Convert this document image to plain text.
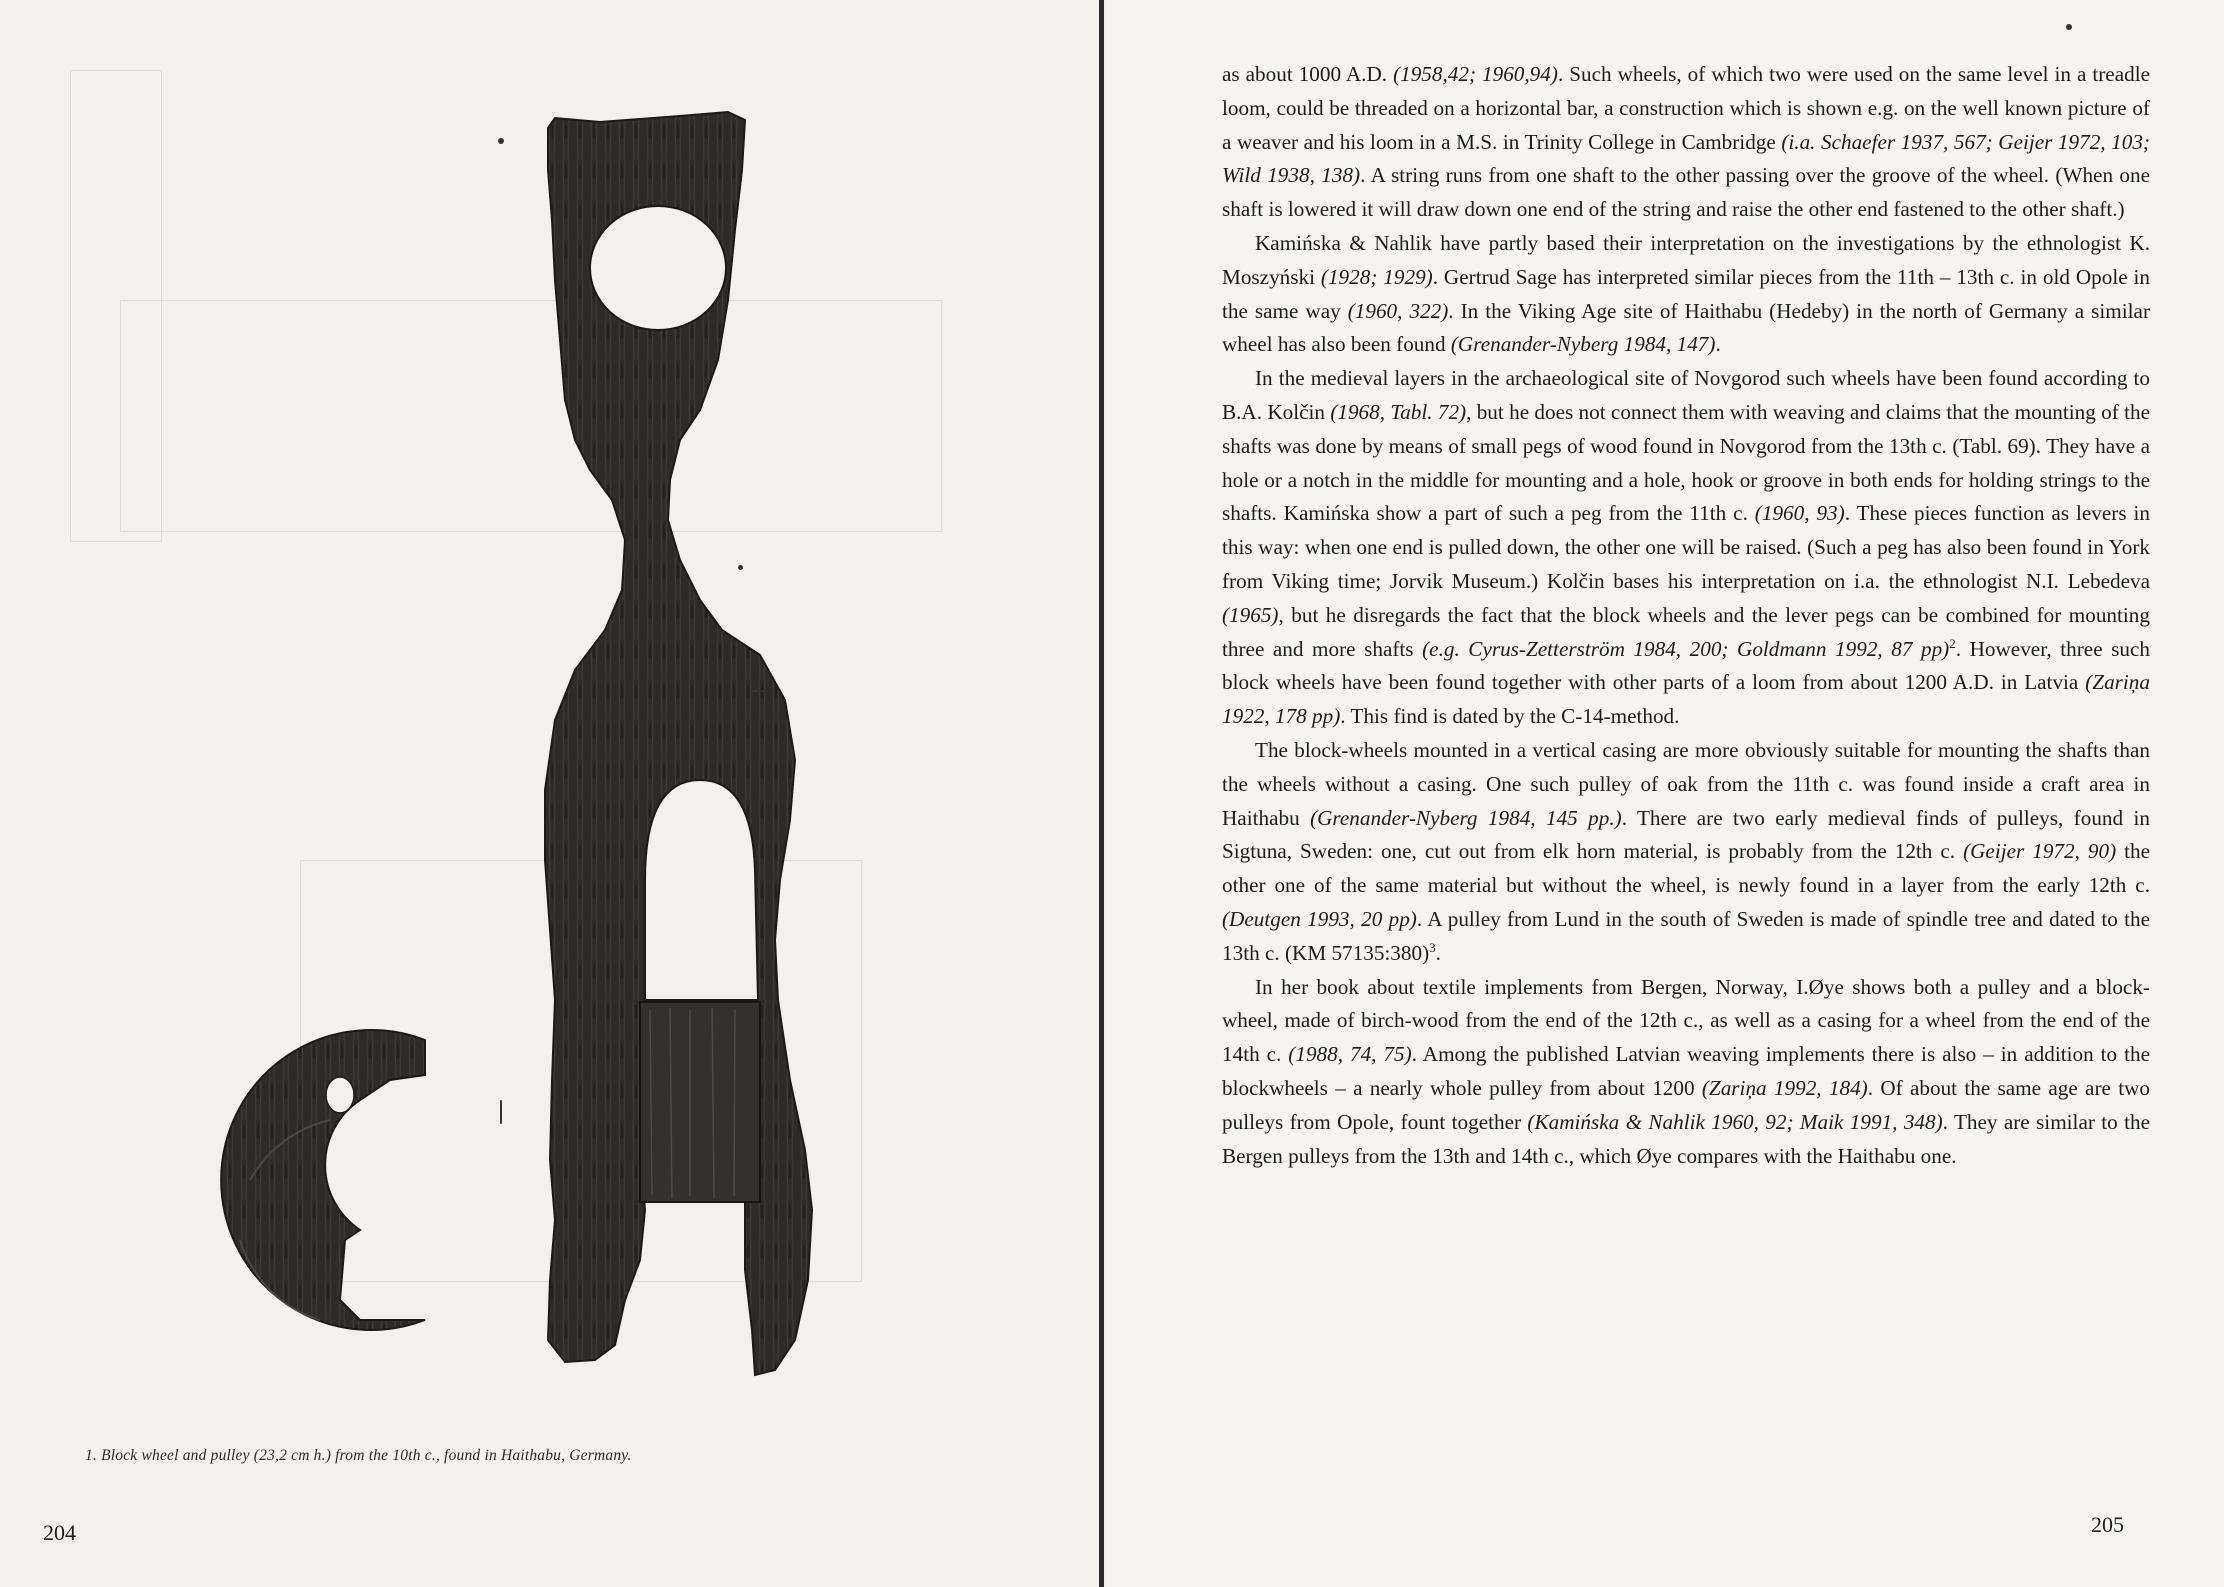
1. Block wheel and pulley (23,2 cm h.) from the 10th c., found in Haithabu, Germany.
204

as about 1000 A.D. (1958,42; 1960,94). Such wheels, of which two were used on the same level in a treadle loom, could be threaded on a horizontal bar, a construction which is shown e.g. on the well known picture of a weaver and his loom in a M.S. in Trinity College in Cambridge (i.a. Schaefer 1937, 567; Geijer 1972, 103; Wild 1938, 138). A string runs from one shaft to the other passing over the groove of the wheel. (When one shaft is lowered it will draw down one end of the string and raise the other end fastened to the other shaft.)

Kamińska & Nahlik have partly based their interpretation on the investigations by the ethnologist K. Moszyński (1928; 1929). Gertrud Sage has interpreted similar pieces from the 11th – 13th c. in old Opole in the same way (1960, 322). In the Viking Age site of Haithabu (Hedeby) in the north of Germany a similar wheel has also been found (Grenander-Nyberg 1984, 147).

In the medieval layers in the archaeological site of Novgorod such wheels have been found according to B.A. Kolčin (1968, Tabl. 72), but he does not connect them with weaving and claims that the mounting of the shafts was done by means of small pegs of wood found in Novgorod from the 13th c. (Tabl. 69). They have a hole or a notch in the middle for mounting and a hole, hook or groove in both ends for holding strings to the shafts. Kamińska show a part of such a peg from the 11th c. (1960, 93). These pieces function as levers in this way: when one end is pulled down, the other one will be raised. (Such a peg has also been found in York from Viking time; Jorvik Museum.) Kolčin bases his interpretation on i.a. the ethnologist N.I. Lebedeva (1965), but he disregards the fact that the block wheels and the lever pegs can be combined for mounting three and more shafts (e.g. Cyrus-Zetterström 1984, 200; Goldmann 1992, 87 pp)$^2$. However, three such block wheels have been found together with other parts of a loom from about 1200 A.D. in Latvia (Zariņa 1922, 178 pp). This find is dated by the C-14-method.

The block-wheels mounted in a vertical casing are more obviously suitable for mounting the shafts than the wheels without a casing. One such pulley of oak from the 11th c. was found inside a craft area in Haithabu (Grenander-Nyberg 1984, 145 pp.). There are two early medieval finds of pulleys, found in Sigtuna, Sweden: one, cut out from elk horn material, is probably from the 12th c. (Geijer 1972, 90) the other one of the same material but without the wheel, is newly found in a layer from the early 12th c. (Deutgen 1993, 20 pp). A pulley from Lund in the south of Sweden is made of spindle tree and dated to the 13th c. (KM 57135:380)$^3$.

In her book about textile implements from Bergen, Norway, I.Øye shows both a pulley and a block-wheel, made of birch-wood from the end of the 12th c., as well as a casing for a wheel from the end of the 14th c. (1988, 74, 75). Among the published Latvian weaving implements there is also – in addition to the blockwheels – a nearly whole pulley from about 1200 (Zariņa 1992, 184). Of about the same age are two pulleys from Opole, fount together (Kamińska & Nahlik 1960, 92; Maik 1991, 348). They are similar to the Bergen pulleys from the 13th and 14th c., which Øye compares with the Haithabu one.

205
